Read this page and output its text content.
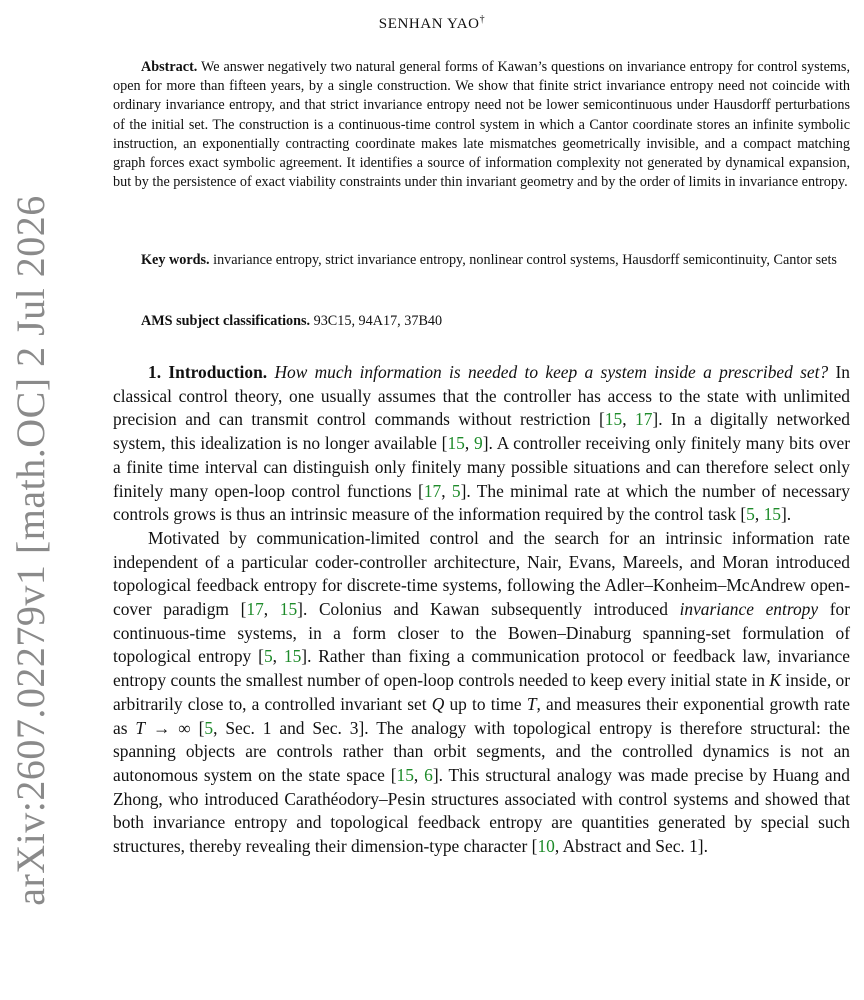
arXiv:2607.02279v1 [math.OC] 2 Jul 2026
SENHAN YAO†
Abstract. We answer negatively two natural general forms of Kawan’s questions on invariance entropy for control systems, open for more than fifteen years, by a single construction. We show that finite strict invariance entropy need not coincide with ordinary invariance entropy, and that strict invariance entropy need not be lower semicontinuous under Hausdorff perturbations of the initial set. The construction is a continuous-time control system in which a Cantor coordinate stores an infinite symbolic instruction, an exponentially contracting coordinate makes late mismatches geometrically invisible, and a compact matching graph forces exact symbolic agreement. It identifies a source of information complexity not generated by dynamical expansion, but by the persistence of exact viability constraints under thin invariant geometry and by the order of limits in invariance entropy.
Key words. invariance entropy, strict invariance entropy, nonlinear control systems, Hausdorff semicontinuity, Cantor sets
AMS subject classifications. 93C15, 94A17, 37B40

1. Introduction. How much information is needed to keep a system inside a prescribed set? In classical control theory, one usually assumes that the controller has access to the state with unlimited precision and can transmit control commands without restriction [15, 17]. In a digitally networked system, this idealization is no longer available [15, 9]. A controller receiving only finitely many bits over a finite time interval can distinguish only finitely many possible situations and can therefore select only finitely many open-loop control functions [17, 5]. The minimal rate at which the number of necessary controls grows is thus an intrinsic measure of the information required by the control task [5, 15].

Motivated by communication-limited control and the search for an intrinsic information rate independent of a particular coder-controller architecture, Nair, Evans, Mareels, and Moran introduced topological feedback entropy for discrete-time systems, following the Adler–Konheim–McAndrew open-cover paradigm [17, 15]. Colonius and Kawan subsequently introduced invariance entropy for continuous-time systems, in a form closer to the Bowen–Dinaburg spanning-set formulation of topological entropy [5, 15]. Rather than fixing a communication protocol or feedback law, invariance entropy counts the smallest number of open-loop controls needed to keep every initial state in K inside, or arbitrarily close to, a controlled invariant set Q up to time T, and measures their exponential growth rate as T → ∞ [5, Sec. 1 and Sec. 3]. The analogy with topological entropy is therefore structural: the spanning objects are controls rather than orbit segments, and the controlled dynamics is not an autonomous system on the state space [15, 6]. This structural analogy was made precise by Huang and Zhong, who introduced Carathéodory–Pesin structures associated with control systems and showed that both invariance entropy and topological feedback entropy are quantities generated by special such structures, thereby revealing their dimension-type character [10, Abstract and Sec. 1].
